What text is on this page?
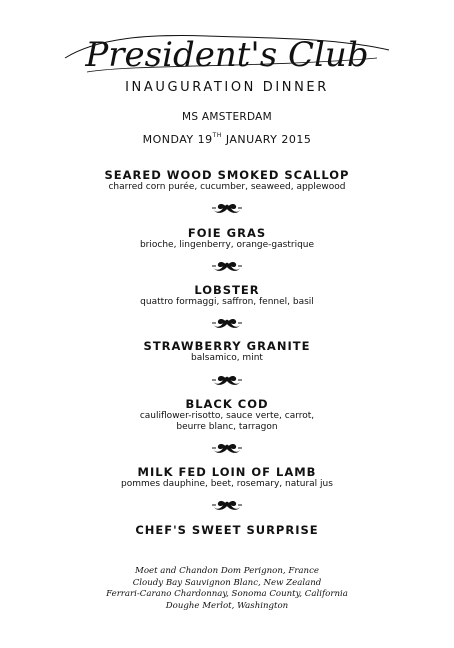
President's Club
INAUGURATION DINNER
MS AMSTERDAM
MONDAY 19TH JANUARY 2015
SEARED WOOD SMOKED SCALLOP
charred corn purée, cucumber, seaweed, applewood
FOIE GRAS
brioche, lingenberry, orange-gastrique
LOBSTER
quattro formaggi, saffron, fennel, basil
STRAWBERRY GRANITE
balsamico, mint
BLACK COD
cauliflower-risotto, sauce verte, carrot,
beurre blanc, tarragon
MILK FED LOIN OF LAMB
pommes dauphine, beet, rosemary, natural jus
CHEF'S SWEET SURPRISE
Moet and Chandon Dom Perignon, France
Cloudy Bay Sauvignon Blanc, New Zealand
Ferrari-Carano Chardonnay, Sonoma County, California
Doughe Merlot, Washington
